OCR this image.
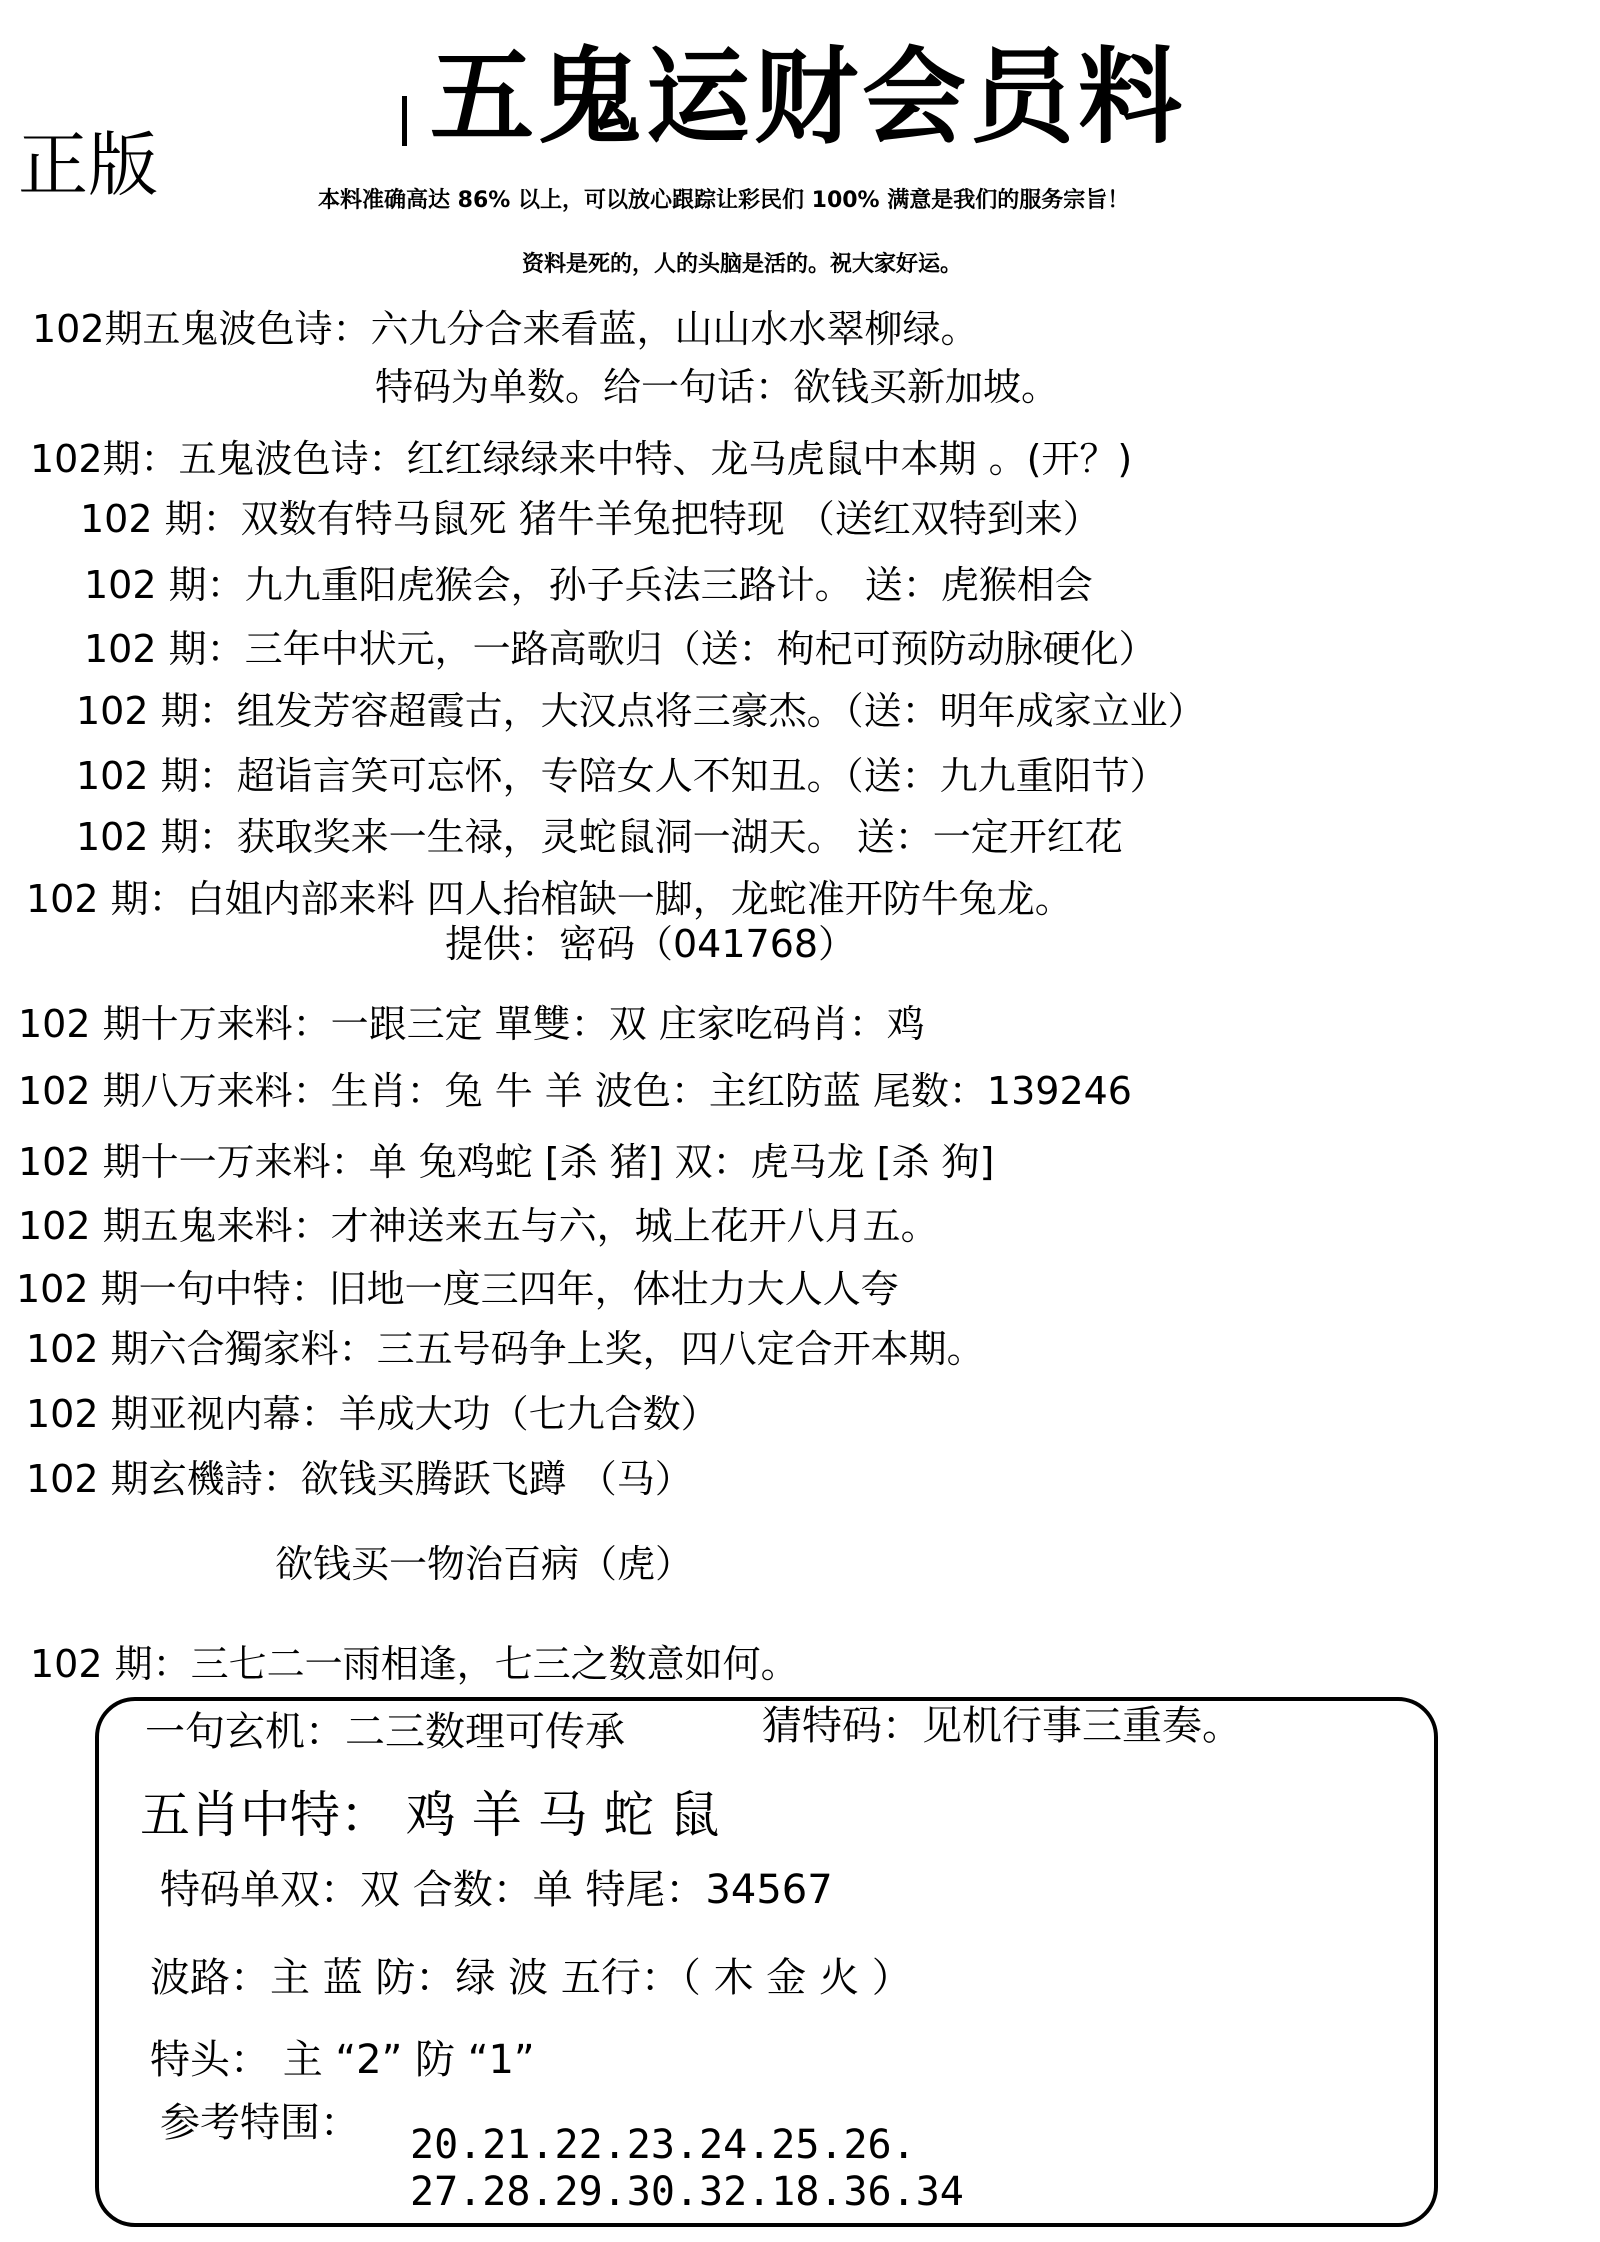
正版
五鬼运财会员料
本料准确高达 86% 以上，可以放心跟踪让彩民们 100% 满意是我们的服务宗旨！
资料是死的，人的头脑是活的。祝大家好运。
102期五鬼波色诗：六九分合来看蓝，山山水水翠柳绿。
特码为单数。给一句话：欲钱买新加坡。
102期：五鬼波色诗：红红绿绿来中特、龙马虎鼠中本期 。(开？)
102 期：双数有特马鼠死 猪牛羊兔把特现 （送红双特到来）
102 期：九九重阳虎猴会，孙子兵法三路计。 送：虎猴相会
102 期：三年中状元，一路高歌归（送：枸杞可预防动脉硬化）
102 期：组发芳容超霞古，大汉点将三豪杰。（送：明年成家立业）
102 期：超诣言笑可忘怀，专陪女人不知丑。（送：九九重阳节）
102 期：获取奖来一生禄，灵蛇鼠洞一湖天。 送：一定开红花
102 期：白姐内部来料 四人抬棺缺一脚，龙蛇准开防牛兔龙。
提供：密码（041768）
102 期十万来料：一跟三定 單雙：双 庄家吃码肖：鸡
102 期八万来料：生肖：兔 牛 羊 波色：主红防蓝 尾数：139246
102 期十一万来料：单 兔鸡蛇 [杀 猪] 双：虎马龙 [杀 狗]
102 期五鬼来料：才神送来五与六，城上花开八月五。
102 期一句中特：旧地一度三四年，体壮力大人人夸
102 期六合獨家料：三五号码争上奖，四八定合开本期。
102 期亚视内幕：羊成大功（七九合数）
102 期玄機詩：欲钱买腾跃飞蹲 （马）
欲钱买一物治百病（虎）
102 期：三七二一雨相逢，七三之数意如何。
一句玄机：二三数理可传承	猜特码：见机行事三重奏。
五肖中特： 鸡 羊 马 蛇 鼠
特码单双：双 合数：单 特尾：34567
波路：主 蓝 防：绿 波 五行：（ 木 金 火 ）
特头： 主 “2” 防 “1”
参考特围： 20.21.22.23.24.25.26.
27.28.29.30.32.18.36.34
